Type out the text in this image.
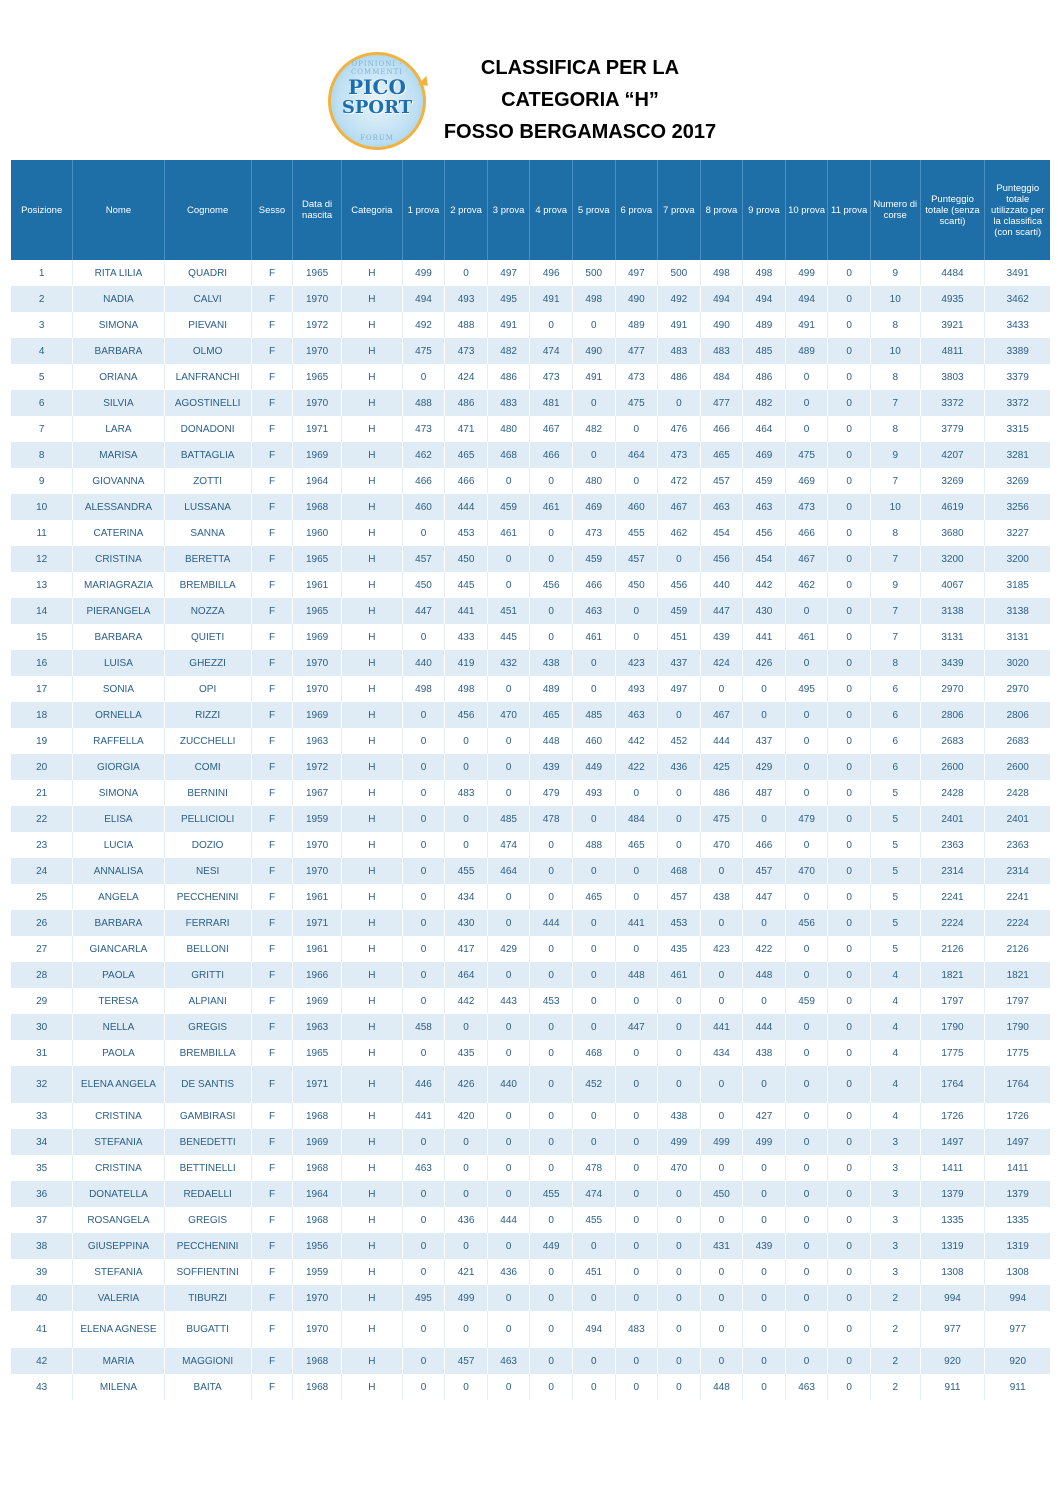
OPINIONI · COMMENTI
PICO
SPORT
FORUM
CLASSIFICA PER LA
CATEGORIA “H”
FOSSO BERGAMASCO 2017
Posizione	Nome	Cognome	Sesso	Data di nascita	Categoria	1 prova	2 prova	3 prova	4 prova	5 prova	6 prova	7 prova	8 prova	9 prova	10 prova	11 prova	Numero di corse	Punteggio totale (senza scarti)	Punteggio totale utilizzato per la classifica (con scarti)
1	RITA LILIA	QUADRI	F	1965	H	499	0	497	496	500	497	500	498	498	499	0	9	4484	3491
2	NADIA	CALVI	F	1970	H	494	493	495	491	498	490	492	494	494	494	0	10	4935	3462
3	SIMONA	PIEVANI	F	1972	H	492	488	491	0	0	489	491	490	489	491	0	8	3921	3433
4	BARBARA	OLMO	F	1970	H	475	473	482	474	490	477	483	483	485	489	0	10	4811	3389
5	ORIANA	LANFRANCHI	F	1965	H	0	424	486	473	491	473	486	484	486	0	0	8	3803	3379
6	SILVIA	AGOSTINELLI	F	1970	H	488	486	483	481	0	475	0	477	482	0	0	7	3372	3372
7	LARA	DONADONI	F	1971	H	473	471	480	467	482	0	476	466	464	0	0	8	3779	3315
8	MARISA	BATTAGLIA	F	1969	H	462	465	468	466	0	464	473	465	469	475	0	9	4207	3281
9	GIOVANNA	ZOTTI	F	1964	H	466	466	0	0	480	0	472	457	459	469	0	7	3269	3269
10	ALESSANDRA	LUSSANA	F	1968	H	460	444	459	461	469	460	467	463	463	473	0	10	4619	3256
11	CATERINA	SANNA	F	1960	H	0	453	461	0	473	455	462	454	456	466	0	8	3680	3227
12	CRISTINA	BERETTA	F	1965	H	457	450	0	0	459	457	0	456	454	467	0	7	3200	3200
13	MARIAGRAZIA	BREMBILLA	F	1961	H	450	445	0	456	466	450	456	440	442	462	0	9	4067	3185
14	PIERANGELA	NOZZA	F	1965	H	447	441	451	0	463	0	459	447	430	0	0	7	3138	3138
15	BARBARA	QUIETI	F	1969	H	0	433	445	0	461	0	451	439	441	461	0	7	3131	3131
16	LUISA	GHEZZI	F	1970	H	440	419	432	438	0	423	437	424	426	0	0	8	3439	3020
17	SONIA	OPI	F	1970	H	498	498	0	489	0	493	497	0	0	495	0	6	2970	2970
18	ORNELLA	RIZZI	F	1969	H	0	456	470	465	485	463	0	467	0	0	0	6	2806	2806
19	RAFFELLA	ZUCCHELLI	F	1963	H	0	0	0	448	460	442	452	444	437	0	0	6	2683	2683
20	GIORGIA	COMI	F	1972	H	0	0	0	439	449	422	436	425	429	0	0	6	2600	2600
21	SIMONA	BERNINI	F	1967	H	0	483	0	479	493	0	0	486	487	0	0	5	2428	2428
22	ELISA	PELLICIOLI	F	1959	H	0	0	485	478	0	484	0	475	0	479	0	5	2401	2401
23	LUCIA	DOZIO	F	1970	H	0	0	474	0	488	465	0	470	466	0	0	5	2363	2363
24	ANNALISA	NESI	F	1970	H	0	455	464	0	0	0	468	0	457	470	0	5	2314	2314
25	ANGELA	PECCHENINI	F	1961	H	0	434	0	0	465	0	457	438	447	0	0	5	2241	2241
26	BARBARA	FERRARI	F	1971	H	0	430	0	444	0	441	453	0	0	456	0	5	2224	2224
27	GIANCARLA	BELLONI	F	1961	H	0	417	429	0	0	0	435	423	422	0	0	5	2126	2126
28	PAOLA	GRITTI	F	1966	H	0	464	0	0	0	448	461	0	448	0	0	4	1821	1821
29	TERESA	ALPIANI	F	1969	H	0	442	443	453	0	0	0	0	0	459	0	4	1797	1797
30	NELLA	GREGIS	F	1963	H	458	0	0	0	0	447	0	441	444	0	0	4	1790	1790
31	PAOLA	BREMBILLA	F	1965	H	0	435	0	0	468	0	0	434	438	0	0	4	1775	1775
32	ELENA ANGELA	DE SANTIS	F	1971	H	446	426	440	0	452	0	0	0	0	0	0	4	1764	1764
33	CRISTINA	GAMBIRASI	F	1968	H	441	420	0	0	0	0	438	0	427	0	0	4	1726	1726
34	STEFANIA	BENEDETTI	F	1969	H	0	0	0	0	0	0	499	499	499	0	0	3	1497	1497
35	CRISTINA	BETTINELLI	F	1968	H	463	0	0	0	478	0	470	0	0	0	0	3	1411	1411
36	DONATELLA	REDAELLI	F	1964	H	0	0	0	455	474	0	0	450	0	0	0	3	1379	1379
37	ROSANGELA	GREGIS	F	1968	H	0	436	444	0	455	0	0	0	0	0	0	3	1335	1335
38	GIUSEPPINA	PECCHENINI	F	1956	H	0	0	0	449	0	0	0	431	439	0	0	3	1319	1319
39	STEFANIA	SOFFIENTINI	F	1959	H	0	421	436	0	451	0	0	0	0	0	0	3	1308	1308
40	VALERIA	TIBURZI	F	1970	H	495	499	0	0	0	0	0	0	0	0	0	2	994	994
41	ELENA AGNESE	BUGATTI	F	1970	H	0	0	0	0	494	483	0	0	0	0	0	2	977	977
42	MARIA	MAGGIONI	F	1968	H	0	457	463	0	0	0	0	0	0	0	0	2	920	920
43	MILENA	BAITA	F	1968	H	0	0	0	0	0	0	0	448	0	463	0	2	911	911
